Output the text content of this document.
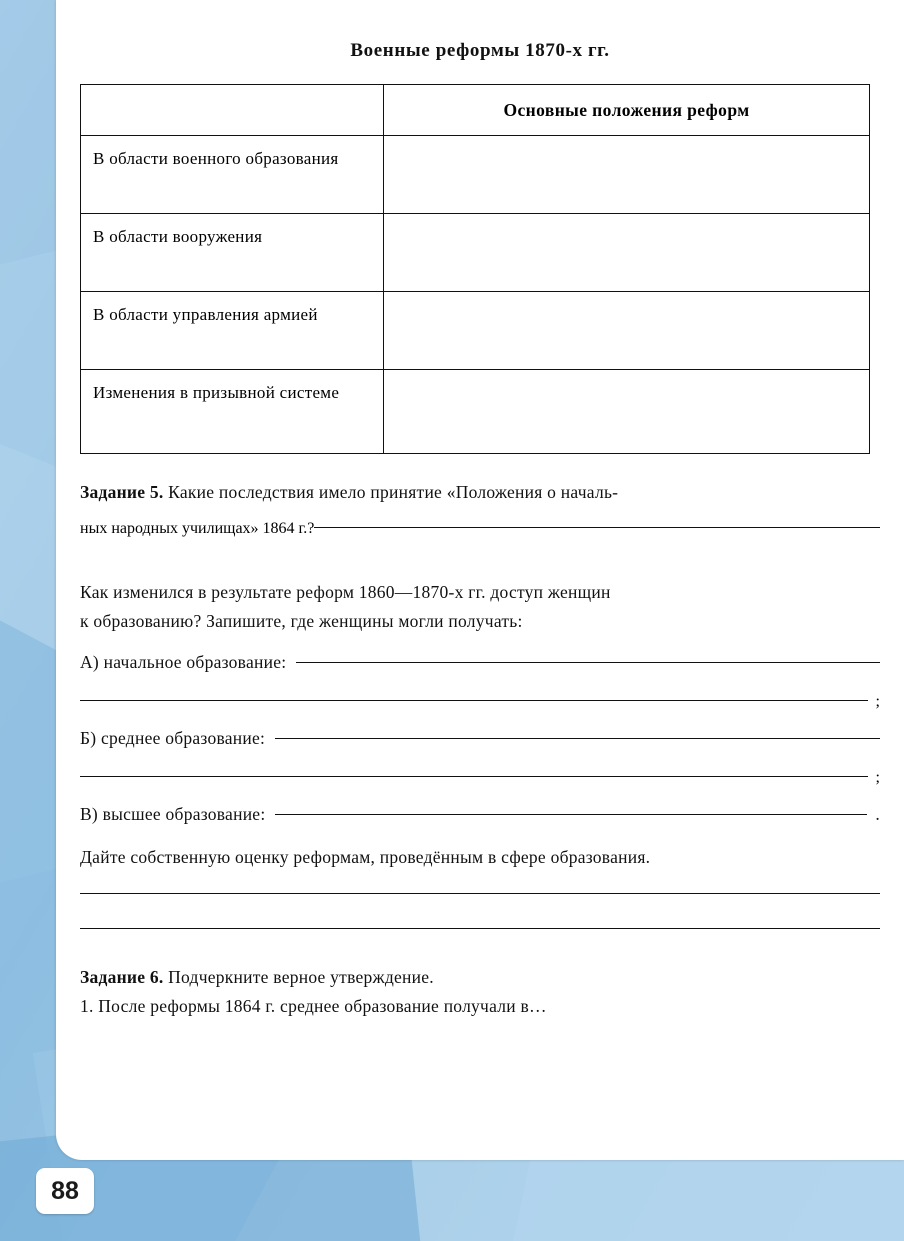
Военные реформы 1870-х гг.
	Основные положения реформ
В области военного образования	
В области вооружения	
В области управления армией	
Изменения в призывной системе	
Задание 5. Какие последствия имело принятие «Положения о началь-
ных народных училищах» 1864 г.?
Как изменился в результате реформ 1860—1870-х гг. доступ женщин
к образованию? Запишите, где женщины могли получать:
А) начальное образование:
;
Б) среднее образование:
;
В) высшее образование:	.
Дайте собственную оценку реформам, проведённым в сфере образования.
Задание 6. Подчеркните верное утверждение.
1. После реформы 1864 г. среднее образование получали в…
88
